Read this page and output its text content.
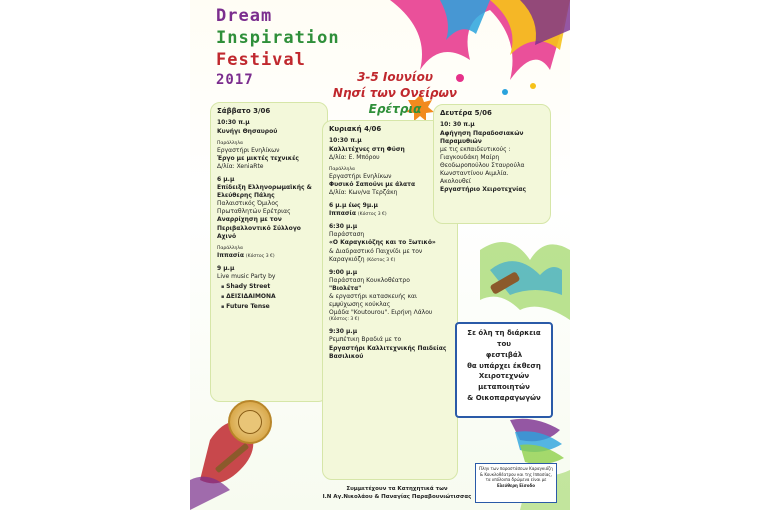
Dream
Inspiration
Festival
2017	3-5 Ιουνίου
Νησί των Ονείρων
Ερέτρια
Σάββατο 3/06
10:30 π.μ
Κυνήγι Θησαυρού
Παράλληλα
Εργαστήρι Ενηλίκων
Έργο με μικτές τεχνικές
Δ/λία: XeniaRte
6 μ.μ
Επίδειξη Ελληνορωμαϊκής & Ελεύθερης Πάλης
Παλαιστικός Όμιλος
Πρωταθλητών Ερέτριας
Αναρρίχηση με τον Περιβαλλοντικό Σύλλογο Αχινό
Παράλληλα
Ιππασία (Κόστος 3 €)
9 μ.μ
Live music Party by
▪ Shady Street
▪ ΔΕΙΣΙΔΑΙΜΟΝΑ
▪ Future Tense
Κυριακή 4/06
10:30 π.μ
Καλλιτέχνες στη Φύση
Δ/λία: Ε. Μπόρου
Παράλληλα
Εργαστήρι Ενηλίκων
Φυσικό Σαπούνι με άλατα
Δ/λία: Κων/να Τερζάκη
6 μ.μ έως 9μ.μ
Ιππασία (Κόστος 3 €)
6:30 μ.μ
Παράσταση
«Ο Καραγκιόζης και το Ξωτικό»
& Διαδραστικό Παιχνίδι με τον
Καραγκιόζη (Κόστος 3 €)
9:00 μ.μ
Παράσταση Κουκλοθέατρο
"Βιολέτα"
& εργαστήρι κατασκευής και
εμψύχωσης κούκλας
Ομάδα "Koutourou". Ειρήνη Λάλου
(Κόστος: 3 €)
9:30 μ.μ
Ρεμπέτικη Βραδιά με το
Εργαστήρι Καλλιτεχνικής Παιδείας
Βασιλικού
Δευτέρα 5/06
10: 30 π.μ
Αφήγηση Παραδοσιακών Παραμυθιών
με τις εκπαιδευτικούς :
Γιαγκουδάκη Μαίρη
Θεοδωροπούλου Σταυρούλα
Κωνσταντίνου Αιμιλία.
Ακολουθεί
Εργαστήριο Χειροτεχνίας
Σε όλη τη διάρκεια του
φεστιβάλ
θα υπάρχει έκθεση
Χειροτεχνών
μεταποιητών
& Οικοπαραγωγών
Πλην των παραστάσεων Καραγκιόζη
& Κουκλοθέατρου και της Ιππασίας,
τα υπόλοιπα δρώμενα είναι με
Ελεύθερη Είσοδο
Συμμετέχουν τα Κατηχητικά των
Ι.Ν Αγ.Νικολάου & Παναγίας Παραβουνιώτισσας
